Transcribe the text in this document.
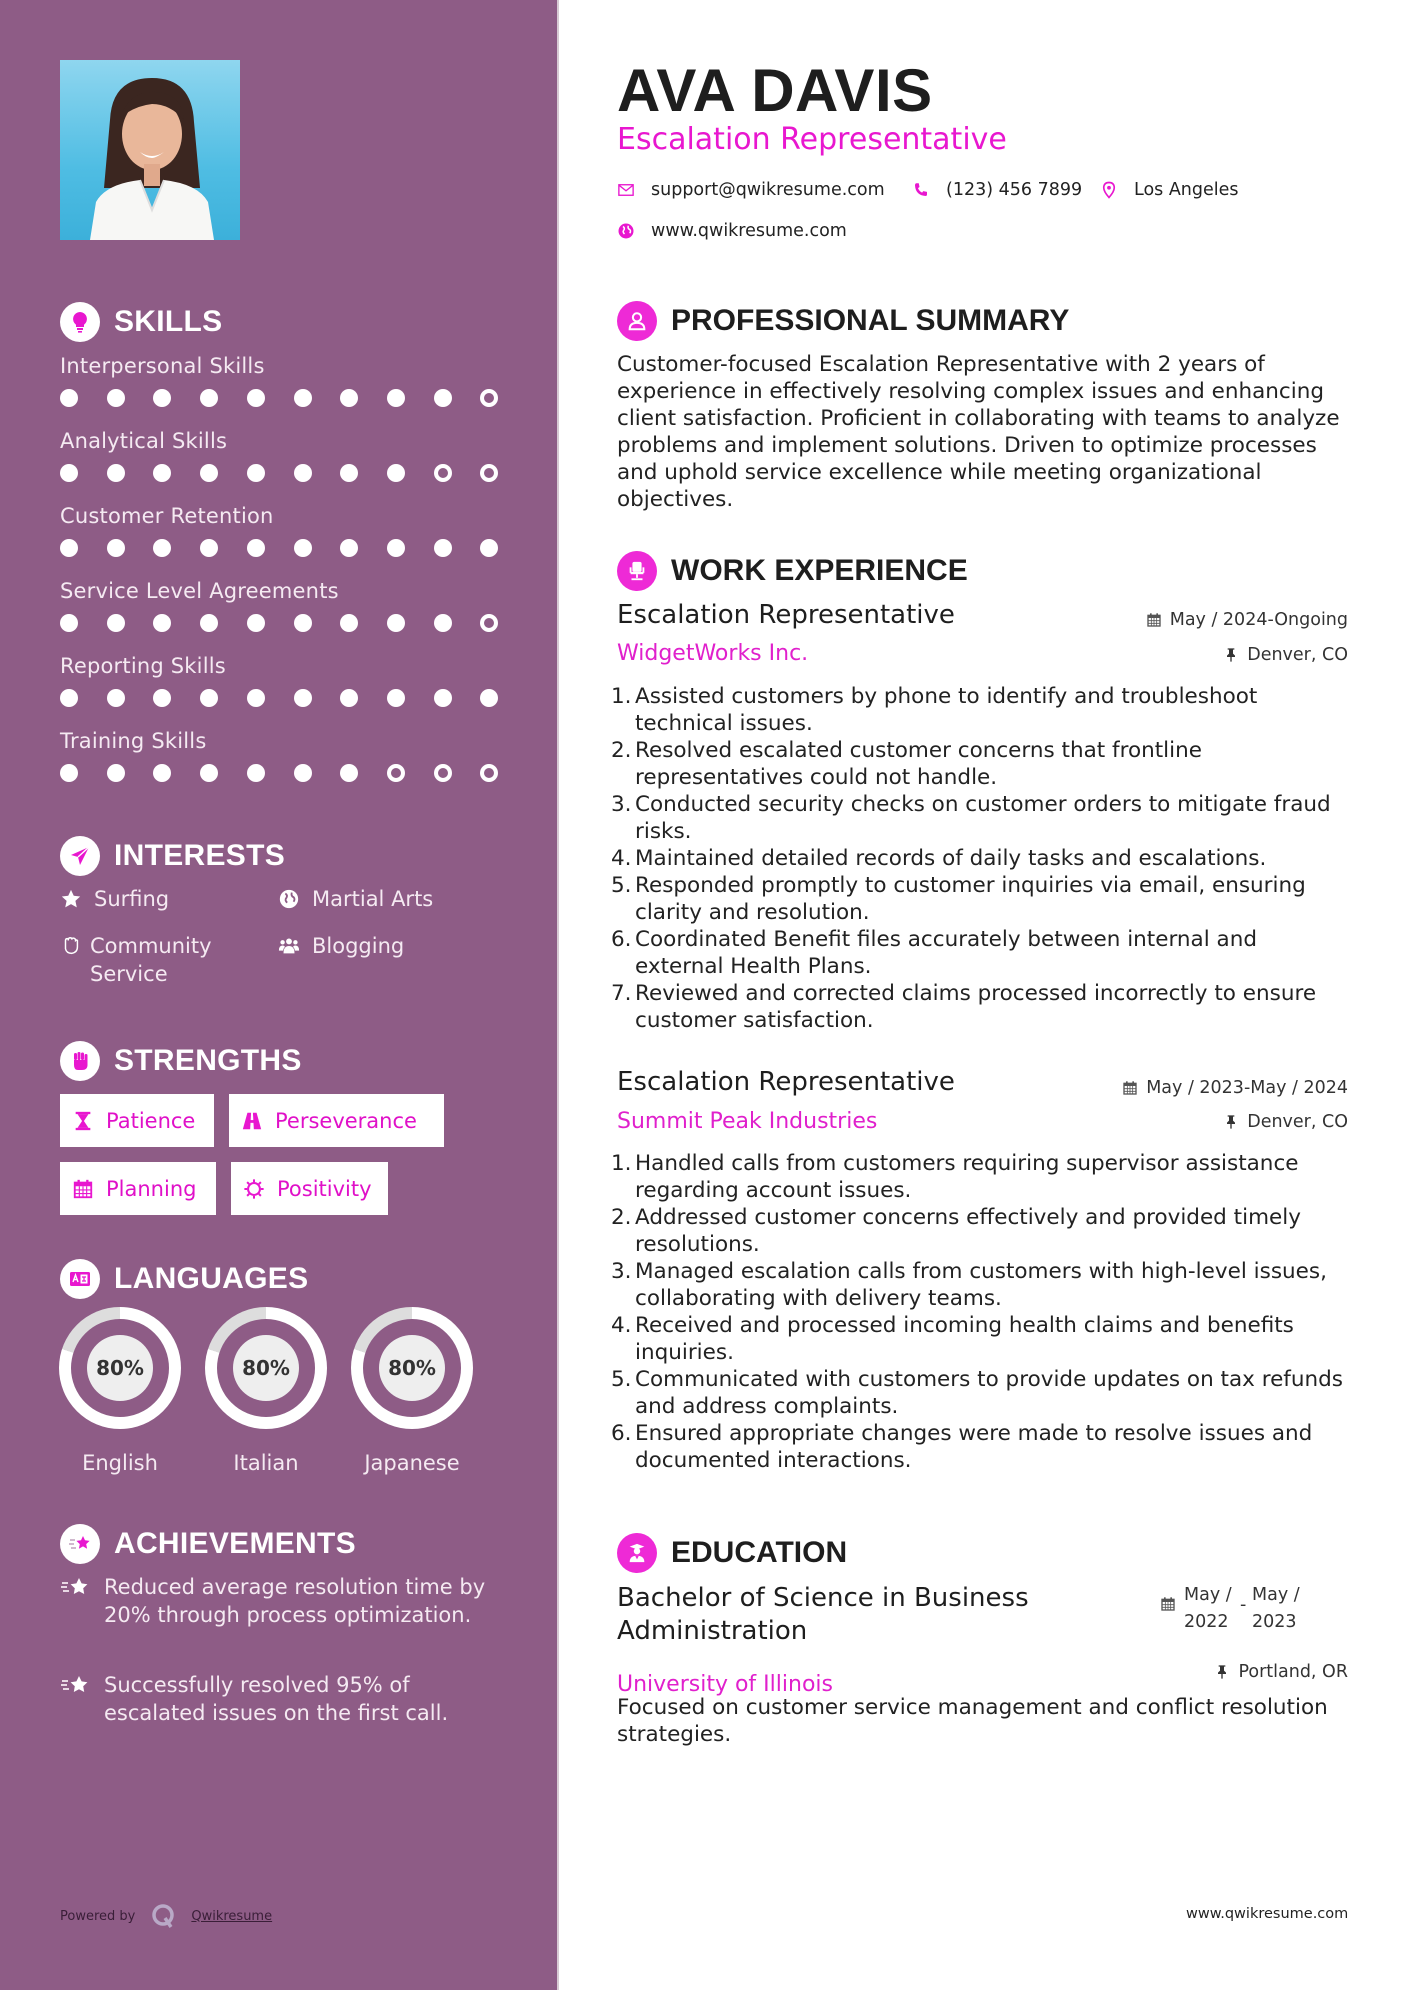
SKILLS
Interpersonal Skills
Analytical Skills
Customer Retention
Service Level Agreements
Reporting Skills
Training Skills
INTERESTS
Surfing	Martial Arts
Community Service
Blogging
STRENGTHS
Patience	Perseverance
Planning	Positivity
LANGUAGES
80%
English
80%
Italian
80%
Japanese
ACHIEVEMENTS
Reduced average resolution time by 20% through process optimization.
Successfully resolved 95% of escalated issues on the first call.
Powered by	Qwikresume
AVA DAVIS
Escalation Representative
support@qwikresume.com	(123) 456 7899	Los Angeles
www.qwikresume.com
PROFESSIONAL SUMMARY

Customer-focused Escalation Representative with 2 years of experience in effectively resolving complex issues and enhancing client satisfaction. Proficient in collaborating with teams to analyze problems and implement solutions. Driven to optimize processes and uphold service excellence while meeting organizational objectives.

WORK EXPERIENCE
Escalation Representative	May / 2024-Ongoing
WidgetWorks Inc.	Denver, CO
1. Assisted customers by phone to identify and troubleshoot technical issues.
2. Resolved escalated customer concerns that frontline representatives could not handle.
3. Conducted security checks on customer orders to mitigate fraud risks.
4. Maintained detailed records of daily tasks and escalations.
5. Responded promptly to customer inquiries via email, ensuring clarity and resolution.
6. Coordinated Benefit files accurately between internal and external Health Plans.
7. Reviewed and corrected claims processed incorrectly to ensure customer satisfaction.
Escalation Representative	May / 2023-May / 2024
Summit Peak Industries	Denver, CO
1. Handled calls from customers requiring supervisor assistance regarding account issues.
2. Addressed customer concerns effectively and provided timely resolutions.
3. Managed escalation calls from customers with high-level issues, collaborating with delivery teams.
4. Received and processed incoming health claims and benefits inquiries.
5. Communicated with customers to provide updates on tax refunds and address complaints.
6. Ensured appropriate changes were made to resolve issues and documented interactions.
EDUCATION
Bachelor of Science in Business Administration
May /
2022
- May /
2023
University of Illinois	Portland, OR

Focused on customer service management and conflict resolution strategies.

www.qwikresume.com
